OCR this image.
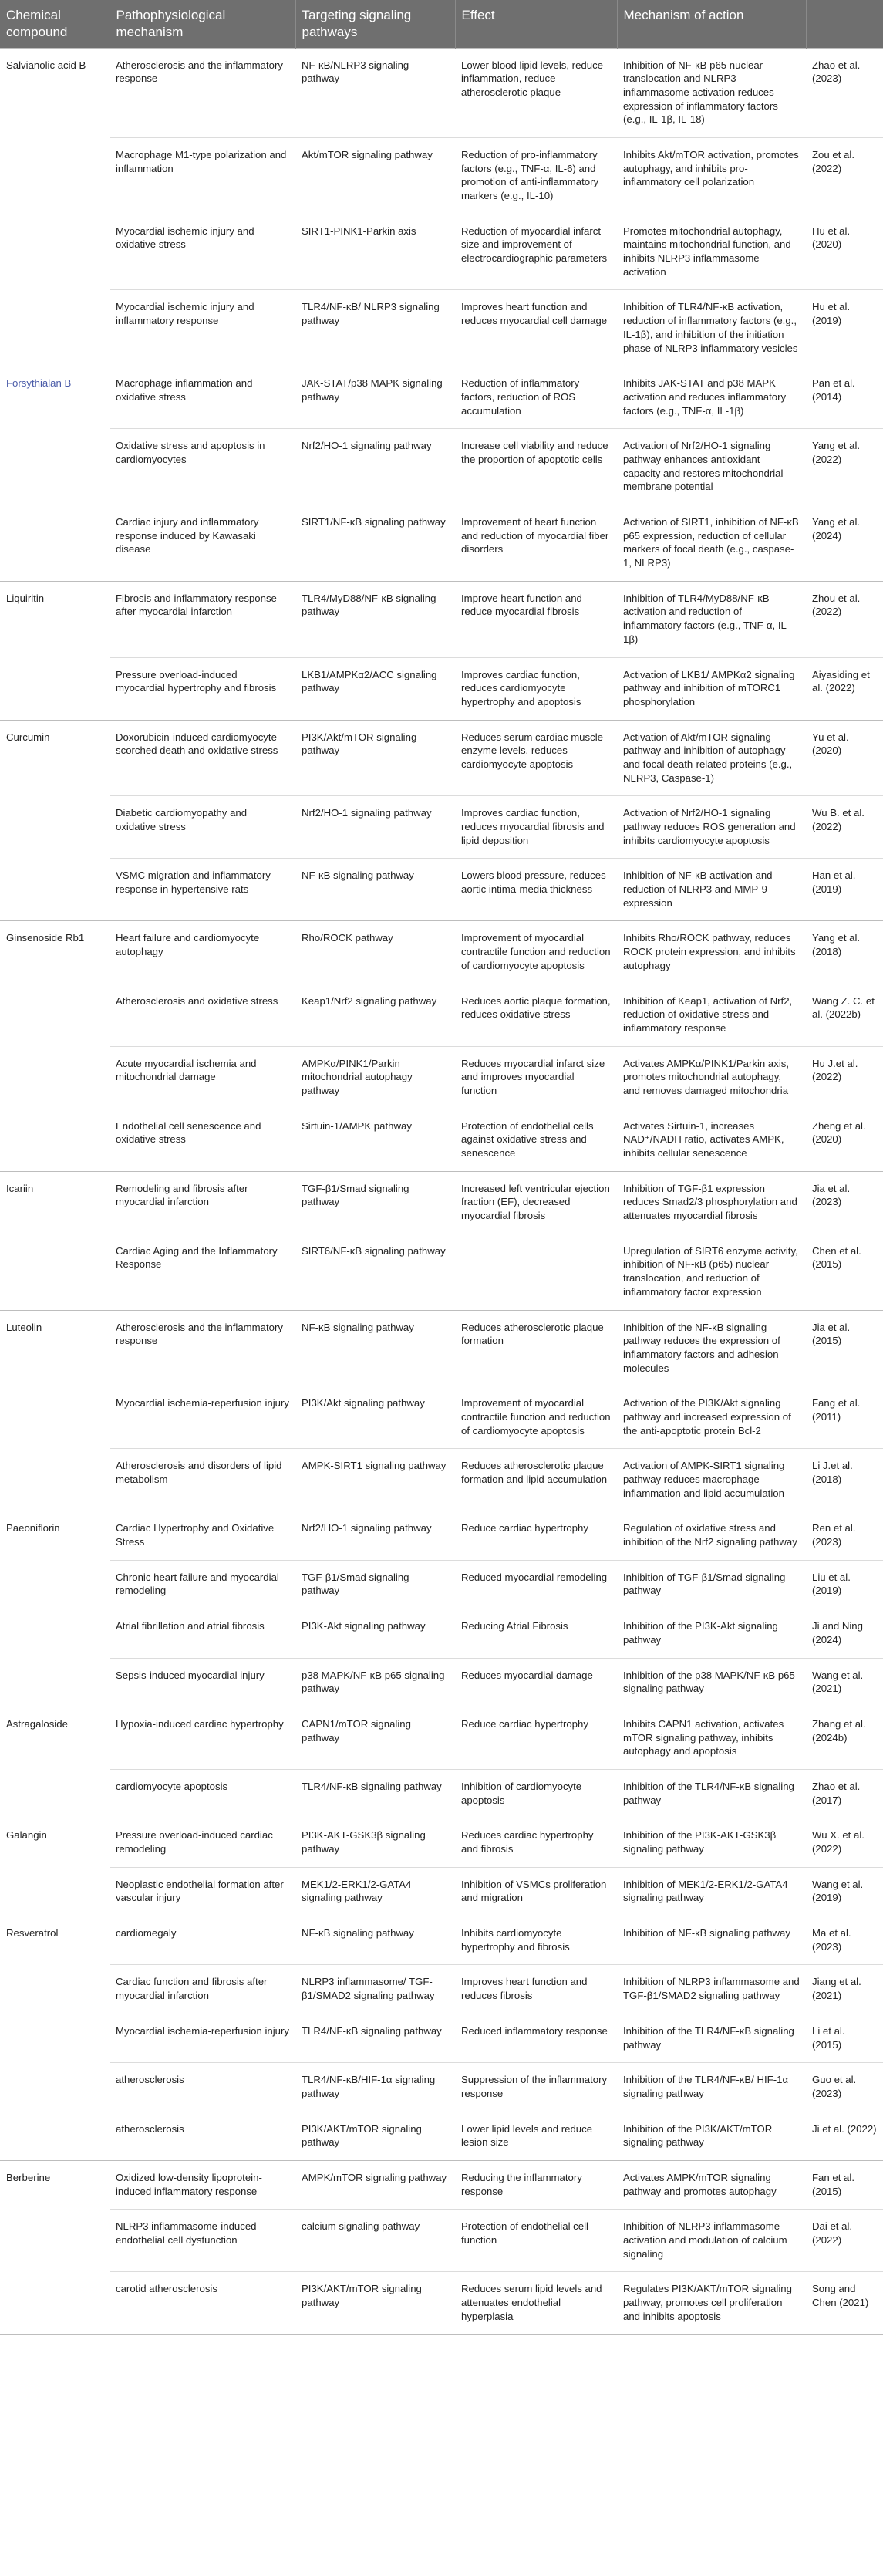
Chemical compound	Pathophysiological mechanism	Targeting signaling pathways	Effect	Mechanism of action	
Salvianolic acid B	Atherosclerosis and the inflammatory response	NF-κB/NLRP3 signaling pathway	Lower blood lipid levels, reduce inflammation, reduce atherosclerotic plaque	Inhibition of NF-κB p65 nuclear translocation and NLRP3 inflammasome activation reduces expression of inflammatory factors (e.g., IL-1β, IL-18)	Zhao et al. (2023)
	Macrophage M1-type polarization and inflammation	Akt/mTOR signaling pathway	Reduction of pro-inflammatory factors (e.g., TNF-α, IL-6) and promotion of anti-inflammatory markers (e.g., IL-10)	Inhibits Akt/mTOR activation, promotes autophagy, and inhibits pro-inflammatory cell polarization	Zou et al. (2022)
	Myocardial ischemic injury and oxidative stress	SIRT1-PINK1-Parkin axis	Reduction of myocardial infarct size and improvement of electrocardiographic parameters	Promotes mitochondrial autophagy, maintains mitochondrial function, and inhibits NLRP3 inflammasome activation	Hu et al. (2020)
	Myocardial ischemic injury and inflammatory response	TLR4/NF-κB/ NLRP3 signaling pathway	Improves heart function and reduces myocardial cell damage	Inhibition of TLR4/NF-κB activation, reduction of inflammatory factors (e.g., IL-1β), and inhibition of the initiation phase of NLRP3 inflammatory vesicles	Hu et al. (2019)
Forsythialan B	Macrophage inflammation and oxidative stress	JAK-STAT/p38 MAPK signaling pathway	Reduction of inflammatory factors, reduction of ROS accumulation	Inhibits JAK-STAT and p38 MAPK activation and reduces inflammatory factors (e.g., TNF-α, IL-1β)	Pan et al. (2014)
	Oxidative stress and apoptosis in cardiomyocytes	Nrf2/HO-1 signaling pathway	Increase cell viability and reduce the proportion of apoptotic cells	Activation of Nrf2/HO-1 signaling pathway enhances antioxidant capacity and restores mitochondrial membrane potential	Yang et al. (2022)
	Cardiac injury and inflammatory response induced by Kawasaki disease	SIRT1/NF-κB signaling pathway	Improvement of heart function and reduction of myocardial fiber disorders	Activation of SIRT1, inhibition of NF-κB p65 expression, reduction of cellular markers of focal death (e.g., caspase-1, NLRP3)	Yang et al. (2024)
Liquiritin	Fibrosis and inflammatory response after myocardial infarction	TLR4/MyD88/NF-κB signaling pathway	Improve heart function and reduce myocardial fibrosis	Inhibition of TLR4/MyD88/NF-κB activation and reduction of inflammatory factors (e.g., TNF-α, IL-1β)	Zhou et al. (2022)
	Pressure overload-induced myocardial hypertrophy and fibrosis	LKB1/AMPKα2/ACC signaling pathway	Improves cardiac function, reduces cardiomyocyte hypertrophy and apoptosis	Activation of LKB1/ AMPKα2 signaling pathway and inhibition of mTORC1 phosphorylation	Aiyasiding et al. (2022)
Curcumin	Doxorubicin-induced cardiomyocyte scorched death and oxidative stress	PI3K/Akt/mTOR signaling pathway	Reduces serum cardiac muscle enzyme levels, reduces cardiomyocyte apoptosis	Activation of Akt/mTOR signaling pathway and inhibition of autophagy and focal death-related proteins (e.g., NLRP3, Caspase-1)	Yu et al. (2020)
	Diabetic cardiomyopathy and oxidative stress	Nrf2/HO-1 signaling pathway	Improves cardiac function, reduces myocardial fibrosis and lipid deposition	Activation of Nrf2/HO-1 signaling pathway reduces ROS generation and inhibits cardiomyocyte apoptosis	Wu B. et al. (2022)
	VSMC migration and inflammatory response in hypertensive rats	NF-κB signaling pathway	Lowers blood pressure, reduces aortic intima-media thickness	Inhibition of NF-κB activation and reduction of NLRP3 and MMP-9 expression	Han et al. (2019)
Ginsenoside Rb1	Heart failure and cardiomyocyte autophagy	Rho/ROCK pathway	Improvement of myocardial contractile function and reduction of cardiomyocyte apoptosis	Inhibits Rho/ROCK pathway, reduces ROCK protein expression, and inhibits autophagy	Yang et al. (2018)
	Atherosclerosis and oxidative stress	Keap1/Nrf2 signaling pathway	Reduces aortic plaque formation, reduces oxidative stress	Inhibition of Keap1, activation of Nrf2, reduction of oxidative stress and inflammatory response	Wang Z. C. et al. (2022b)
	Acute myocardial ischemia and mitochondrial damage	AMPKα/PINK1/Parkin mitochondrial autophagy pathway	Reduces myocardial infarct size and improves myocardial function	Activates AMPKα/PINK1/Parkin axis, promotes mitochondrial autophagy, and removes damaged mitochondria	Hu J.et al. (2022)
	Endothelial cell senescence and oxidative stress	Sirtuin-1/AMPK pathway	Protection of endothelial cells against oxidative stress and senescence	Activates Sirtuin-1, increases NAD⁺/NADH ratio, activates AMPK, inhibits cellular senescence	Zheng et al. (2020)
Icariin	Remodeling and fibrosis after myocardial infarction	TGF-β1/Smad signaling pathway	Increased left ventricular ejection fraction (EF), decreased myocardial fibrosis	Inhibition of TGF-β1 expression reduces Smad2/3 phosphorylation and attenuates myocardial fibrosis	Jia et al. (2023)
	Cardiac Aging and the Inflammatory Response	SIRT6/NF-κB signaling pathway		Upregulation of SIRT6 enzyme activity, inhibition of NF-κB (p65) nuclear translocation, and reduction of inflammatory factor expression	Chen et al. (2015)
Luteolin	Atherosclerosis and the inflammatory response	NF-κB signaling pathway	Reduces atherosclerotic plaque formation	Inhibition of the NF-κB signaling pathway reduces the expression of inflammatory factors and adhesion molecules	Jia et al. (2015)
	Myocardial ischemia-reperfusion injury	PI3K/Akt signaling pathway	Improvement of myocardial contractile function and reduction of cardiomyocyte apoptosis	Activation of the PI3K/Akt signaling pathway and increased expression of the anti-apoptotic protein Bcl-2	Fang et al. (2011)
	Atherosclerosis and disorders of lipid metabolism	AMPK-SIRT1 signaling pathway	Reduces atherosclerotic plaque formation and lipid accumulation	Activation of AMPK-SIRT1 signaling pathway reduces macrophage inflammation and lipid accumulation	Li J.et al. (2018)
Paeoniflorin	Cardiac Hypertrophy and Oxidative Stress	Nrf2/HO-1 signaling pathway	Reduce cardiac hypertrophy	Regulation of oxidative stress and inhibition of the Nrf2 signaling pathway	Ren et al. (2023)
	Chronic heart failure and myocardial remodeling	TGF-β1/Smad signaling pathway	Reduced myocardial remodeling	Inhibition of TGF-β1/Smad signaling pathway	Liu et al. (2019)
	Atrial fibrillation and atrial fibrosis	PI3K-Akt signaling pathway	Reducing Atrial Fibrosis	Inhibition of the PI3K-Akt signaling pathway	Ji and Ning (2024)
	Sepsis-induced myocardial injury	p38 MAPK/NF-κB p65 signaling pathway	Reduces myocardial damage	Inhibition of the p38 MAPK/NF-κB p65 signaling pathway	Wang et al. (2021)
Astragaloside	Hypoxia-induced cardiac hypertrophy	CAPN1/mTOR signaling pathway	Reduce cardiac hypertrophy	Inhibits CAPN1 activation, activates mTOR signaling pathway, inhibits autophagy and apoptosis	Zhang et al. (2024b)
	cardiomyocyte apoptosis	TLR4/NF-κB signaling pathway	Inhibition of cardiomyocyte apoptosis	Inhibition of the TLR4/NF-κB signaling pathway	Zhao et al. (2017)
Galangin	Pressure overload-induced cardiac remodeling	PI3K-AKT-GSK3β signaling pathway	Reduces cardiac hypertrophy and fibrosis	Inhibition of the PI3K-AKT-GSK3β signaling pathway	Wu X. et al. (2022)
	Neoplastic endothelial formation after vascular injury	MEK1/2-ERK1/2-GATA4 signaling pathway	Inhibition of VSMCs proliferation and migration	Inhibition of MEK1/2-ERK1/2-GATA4 signaling pathway	Wang et al. (2019)
Resveratrol	cardiomegaly	NF-κB signaling pathway	Inhibits cardiomyocyte hypertrophy and fibrosis	Inhibition of NF-κB signaling pathway	Ma et al. (2023)
	Cardiac function and fibrosis after myocardial infarction	NLRP3 inflammasome/ TGF-β1/SMAD2 signaling pathway	Improves heart function and reduces fibrosis	Inhibition of NLRP3 inflammasome and TGF-β1/SMAD2 signaling pathway	Jiang et al. (2021)
	Myocardial ischemia-reperfusion injury	TLR4/NF-κB signaling pathway	Reduced inflammatory response	Inhibition of the TLR4/NF-κB signaling pathway	Li et al. (2015)
	atherosclerosis	TLR4/NF-κB/HIF-1α signaling pathway	Suppression of the inflammatory response	Inhibition of the TLR4/NF-κB/ HIF-1α signaling pathway	Guo et al. (2023)
	atherosclerosis	PI3K/AKT/mTOR signaling pathway	Lower lipid levels and reduce lesion size	Inhibition of the PI3K/AKT/mTOR signaling pathway	Ji et al. (2022)
Berberine	Oxidized low-density lipoprotein-induced inflammatory response	AMPK/mTOR signaling pathway	Reducing the inflammatory response	Activates AMPK/mTOR signaling pathway and promotes autophagy	Fan et al. (2015)
	NLRP3 inflammasome-induced endothelial cell dysfunction	calcium signaling pathway	Protection of endothelial cell function	Inhibition of NLRP3 inflammasome activation and modulation of calcium signaling	Dai et al. (2022)
	carotid atherosclerosis	PI3K/AKT/mTOR signaling pathway	Reduces serum lipid levels and attenuates endothelial hyperplasia	Regulates PI3K/AKT/mTOR signaling pathway, promotes cell proliferation and inhibits apoptosis	Song and Chen (2021)
